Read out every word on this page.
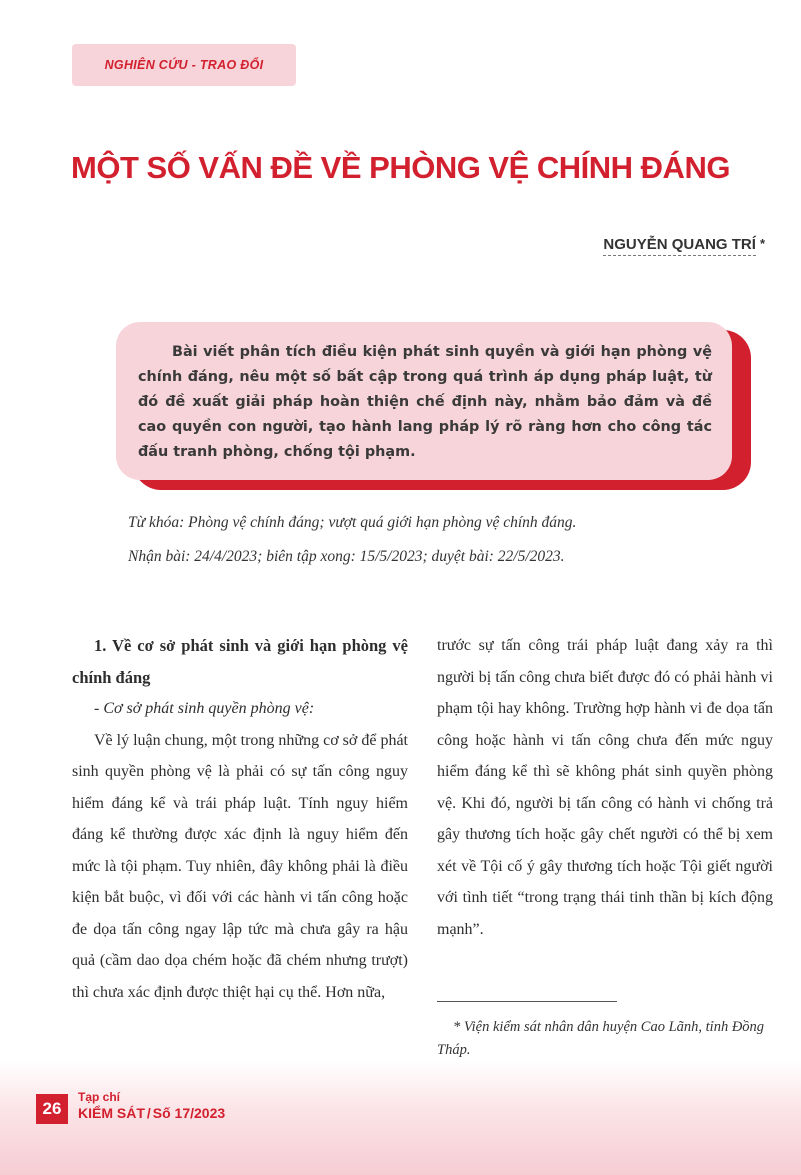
NGHIÊN CỨU - TRAO ĐỔI
MỘT SỐ VẤN ĐỀ VỀ PHÒNG VỆ CHÍNH ĐÁNG
NGUYỄN QUANG TRÍ *

Bài viết phân tích điều kiện phát sinh quyền và giới hạn phòng vệ chính đáng, nêu một số bất cập trong quá trình áp dụng pháp luật, từ đó đề xuất giải pháp hoàn thiện chế định này, nhằm bảo đảm và đề cao quyền con người, tạo hành lang pháp lý rõ ràng hơn cho công tác đấu tranh phòng, chống tội phạm.

Từ khóa: Phòng vệ chính đáng; vượt quá giới hạn phòng vệ chính đáng.
Nhận bài: 24/4/2023; biên tập xong: 15/5/2023; duyệt bài: 22/5/2023.
1. Về cơ sở phát sinh và giới hạn phòng vệ chính đáng

- Cơ sở phát sinh quyền phòng vệ:

Về lý luận chung, một trong những cơ sở để phát sinh quyền phòng vệ là phải có sự tấn công nguy hiểm đáng kể và trái pháp luật. Tính nguy hiểm đáng kể thường được xác định là nguy hiểm đến mức là tội phạm. Tuy nhiên, đây không phải là điều kiện bắt buộc, vì đối với các hành vi tấn công hoặc đe dọa tấn công ngay lập tức mà chưa gây ra hậu quả (cầm dao dọa chém hoặc đã chém nhưng trượt) thì chưa xác định được thiệt hại cụ thể. Hơn nữa,

trước sự tấn công trái pháp luật đang xảy ra thì người bị tấn công chưa biết được đó có phải hành vi phạm tội hay không. Trường hợp hành vi đe dọa tấn công hoặc hành vi tấn công chưa đến mức nguy hiểm đáng kể thì sẽ không phát sinh quyền phòng vệ. Khi đó, người bị tấn công có hành vi chống trả gây thương tích hoặc gây chết người có thể bị xem xét về Tội cố ý gây thương tích hoặc Tội giết người với tình tiết “trong trạng thái tinh thần bị kích động mạnh”.

* Viện kiểm sát nhân dân huyện Cao Lãnh, tỉnh Đồng Tháp.
26
Tạp chí
KIỂM SÁT / Số 17/2023
